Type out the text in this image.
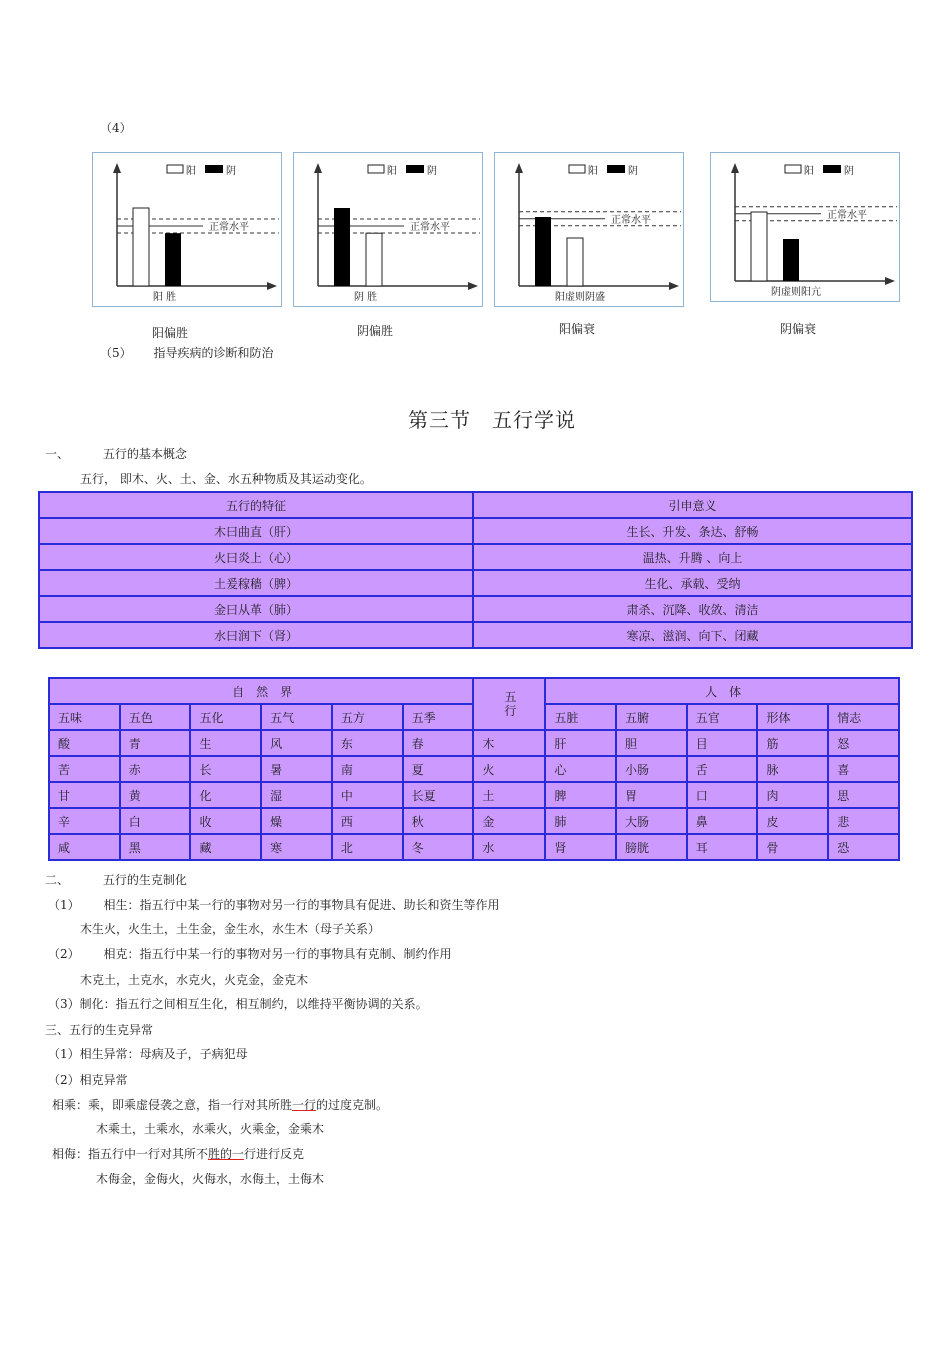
（4）
阳	阴
正常水平
阳 胜
阳	阴
正常水平
阴 胜
阳	阴
正常水平
阳虚则阴盛
阳	阴
正常水平
阴虚则阳亢
阳偏胜	阴偏胜	阳偏衰	阴偏衰
（5） 指导疾病的诊断和防治
第三节　五行学说
一、	五行的基本概念
五行， 即木、火、土、金、水五种物质及其运动变化。
五行的特征	引申意义
木曰曲直（肝）	生长、升发、条达、舒畅
火曰炎上（心）	温热、升腾 、向上
土爰稼穑（脾）	生化、承载、受纳
金曰从革（肺）	肃杀、沉降、收敛、清洁
水曰润下（肾）	寒凉、滋润、向下、闭藏
自　然　界						五行	人　体				
五味	五色	五化	五气	五方	五季		五脏	五腑	五官	形体	情志
酸	青	生	风	东	春	木	肝	胆	目	筋	怒
苦	赤	长	暑	南	夏	火	心	小肠	舌	脉	喜
甘	黄	化	湿	中	长夏	土	脾	胃	口	肉	思
辛	白	收	燥	西	秋	金	肺	大肠	鼻	皮	悲
咸	黑	藏	寒	北	冬	水	肾	膀胱	耳	骨	恐
二、	五行的生克制化
（1） 相生：指五行中某一行的事物对另一行的事物具有促进、助长和资生等作用
木生火，火生土，土生金，金生水，水生木（母子关系）
（2） 相克：指五行中某一行的事物对另一行的事物具有克制、制约作用
木克土，土克水，水克火，火克金，金克木
（3）制化：指五行之间相互生化，相互制约，以维持平衡协调的关系。
三、五行的生克异常
（1）相生异常：母病及子，子病犯母
（2）相克异常
相乘：乘，即乘虚侵袭之意，指一行对其所胜一行的过度克制。
木乘土，土乘水，水乘火，火乘金，金乘木
相侮：指五行中一行对其所不胜的一行进行反克
木侮金，金侮火，火侮水，水侮土，土侮木
